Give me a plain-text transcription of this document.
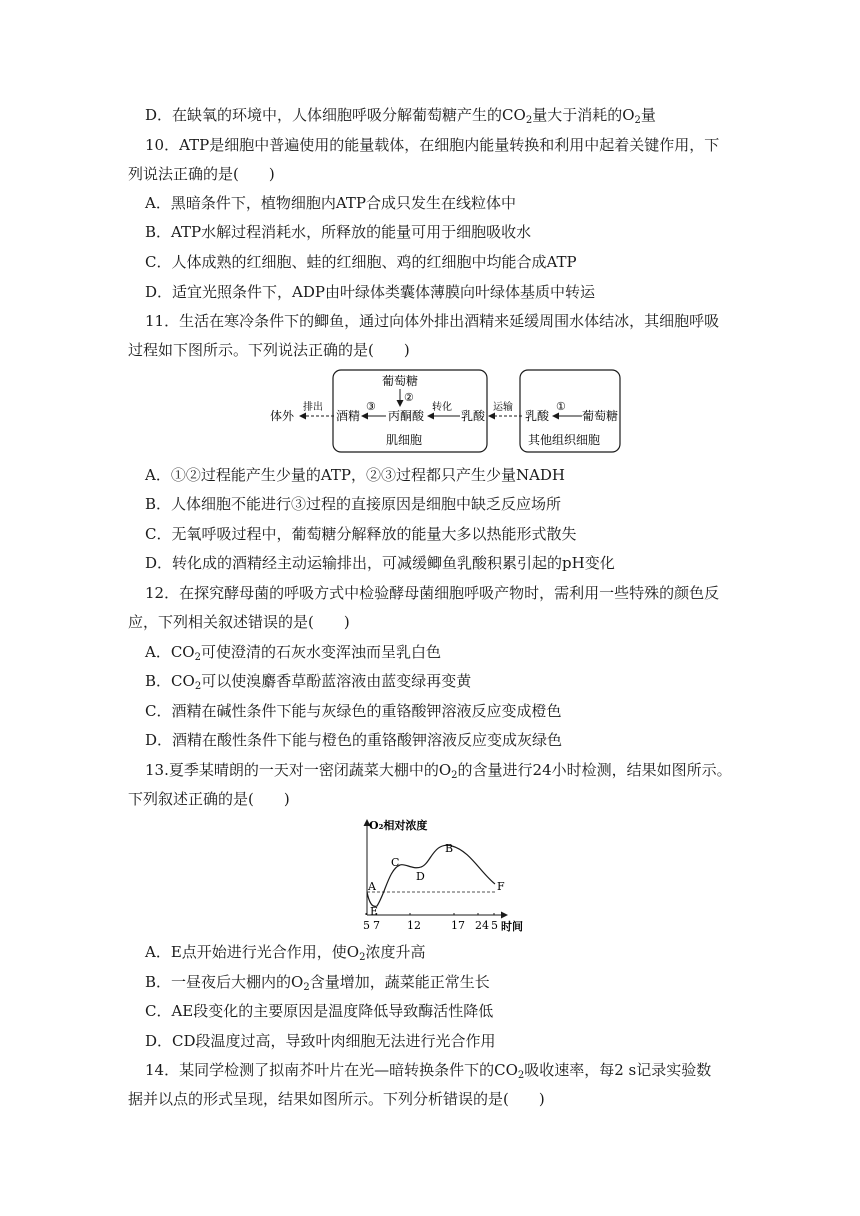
D．在缺氧的环境中，人体细胞呼吸分解葡萄糖产生的$CO_2$量大于消耗的$O_2$量
10．ATP是细胞中普遍使用的能量载体，在细胞内能量转换和利用中起着关键作用，下
列说法正确的是(　　)
A．黑暗条件下，植物细胞内ATP合成只发生在线粒体中
B．ATP水解过程消耗水，所释放的能量可用于细胞吸收水
C．人体成熟的红细胞、蛙的红细胞、鸡的红细胞中均能合成ATP
D．适宜光照条件下，ADP由叶绿体类囊体薄膜向叶绿体基质中转运
11．生活在寒冷条件下的鲫鱼，通过向体外排出酒精来延缓周围水体结冰，其细胞呼吸
过程如下图所示。下列说法正确的是(　　)
葡萄糖
②
体外
排出
酒精
③
丙酮酸
转化
乳酸
肌细胞
运输
乳酸
①
葡萄糖
其他组织细胞
A．①②过程能产生少量的ATP，②③过程都只产生少量NADH
B．人体细胞不能进行③过程的直接原因是细胞中缺乏反应场所
C．无氧呼吸过程中，葡萄糖分解释放的能量大多以热能形式散失
D．转化成的酒精经主动运输排出，可减缓鲫鱼乳酸积累引起的pH变化
12．在探究酵母菌的呼吸方式中检验酵母菌细胞呼吸产物时，需利用一些特殊的颜色反
应，下列相关叙述错误的是(　　)
A．$CO_2$可使澄清的石灰水变浑浊而呈乳白色
B．$CO_2$可以使溴麝香草酚蓝溶液由蓝变绿再变黄
C．酒精在碱性条件下能与灰绿色的重铬酸钾溶液反应变成橙色
D．酒精在酸性条件下能与橙色的重铬酸钾溶液反应变成灰绿色
13.夏季某晴朗的一天对一密闭蔬菜大棚中的$O_2$的含量进行24小时检测，结果如图所示。
下列叙述正确的是(　　)
O₂相对浓度
时间
A
E
C
D
B
F
5 7 12	17 24 5
A．E点开始进行光合作用，使$O_2$浓度升高
B．一昼夜后大棚内的$O_2$含量增加，蔬菜能正常生长
C．AE段变化的主要原因是温度降低导致酶活性降低
D．CD段温度过高，导致叶肉细胞无法进行光合作用
14．某同学检测了拟南芥叶片在光—暗转换条件下的$CO_2$吸收速率，每2 s记录实验数
据并以点的形式呈现，结果如图所示。下列分析错误的是(　　)
